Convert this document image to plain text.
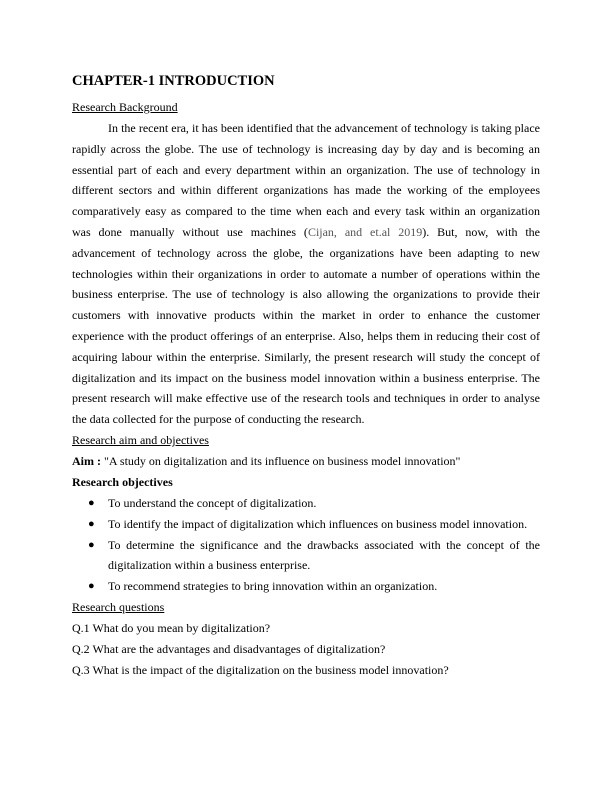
CHAPTER-1 INTRODUCTION
Research Background

In the recent era, it has been identified that the advancement of technology is taking place rapidly across the globe. The use of technology is increasing day by day and is becoming an essential part of each and every department within an organization. The use of technology in different sectors and within different organizations has made the working of the employees comparatively easy as compared to the time when each and every task within an organization was done manually without use machines (Cijan, and et.al 2019). But, now, with the advancement of technology across the globe, the organizations have been adapting to new technologies within their organizations in order to automate a number of operations within the business enterprise. The use of technology is also allowing the organizations to provide their customers with innovative products within the market in order to enhance the customer experience with the product offerings of an enterprise. Also, helps them in reducing their cost of acquiring labour within the enterprise. Similarly, the present research will study the concept of digitalization and its impact on the business model innovation within a business enterprise. The present research will make effective use of the research tools and techniques in order to analyse the data collected for the purpose of conducting the research.

Research aim and objectives
Aim : "A study on digitalization and its influence on business model innovation"
Research objectives
● To understand the concept of digitalization.
● To identify the impact of digitalization which influences on business model innovation.
● To determine the significance and the drawbacks associated with the concept of the digitalization within a business enterprise.
● To recommend strategies to bring innovation within an organization.
Research questions
Q.1 What do you mean by digitalization?
Q.2 What are the advantages and disadvantages of digitalization?
Q.3 What is the impact of the digitalization on the business model innovation?
